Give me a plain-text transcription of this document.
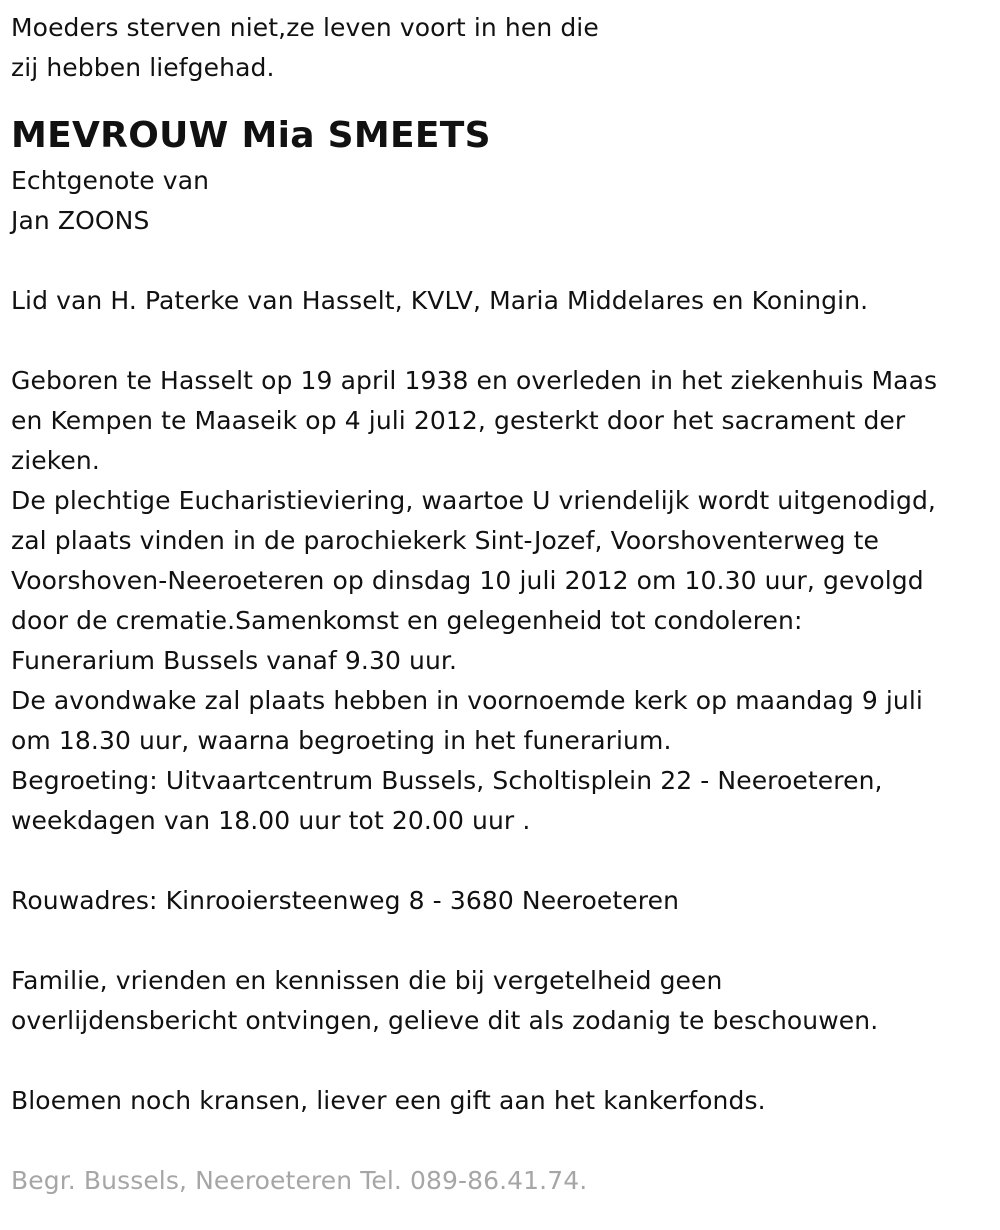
Moeders sterven niet,ze leven voort in hen die
zij hebben liefgehad.
MEVROUW Mia SMEETS
Echtgenote van
Jan ZOONS
Lid van H. Paterke van Hasselt, KVLV, Maria Middelares en Koningin.
Geboren te Hasselt op 19 april 1938 en overleden in het ziekenhuis Maas
en Kempen te Maaseik op 4 juli 2012, gesterkt door het sacrament der
zieken.
De plechtige Eucharistieviering, waartoe U vriendelijk wordt uitgenodigd,
zal plaats vinden in de parochiekerk Sint-Jozef, Voorshoventerweg te
Voorshoven-Neeroeteren op dinsdag 10 juli 2012 om 10.30 uur, gevolgd
door de crematie.Samenkomst en gelegenheid tot condoleren:
Funerarium Bussels vanaf 9.30 uur.
De avondwake zal plaats hebben in voornoemde kerk op maandag 9 juli
om 18.30 uur, waarna begroeting in het funerarium.
Begroeting: Uitvaartcentrum Bussels, Scholtisplein 22 - Neeroeteren,
weekdagen van 18.00 uur tot 20.00 uur .
Rouwadres: Kinrooiersteenweg 8 - 3680 Neeroeteren
Familie, vrienden en kennissen die bij vergetelheid geen
overlijdensbericht ontvingen, gelieve dit als zodanig te beschouwen.
Bloemen noch kransen, liever een gift aan het kankerfonds.
Begr. Bussels, Neeroeteren Tel. 089-86.41.74.
